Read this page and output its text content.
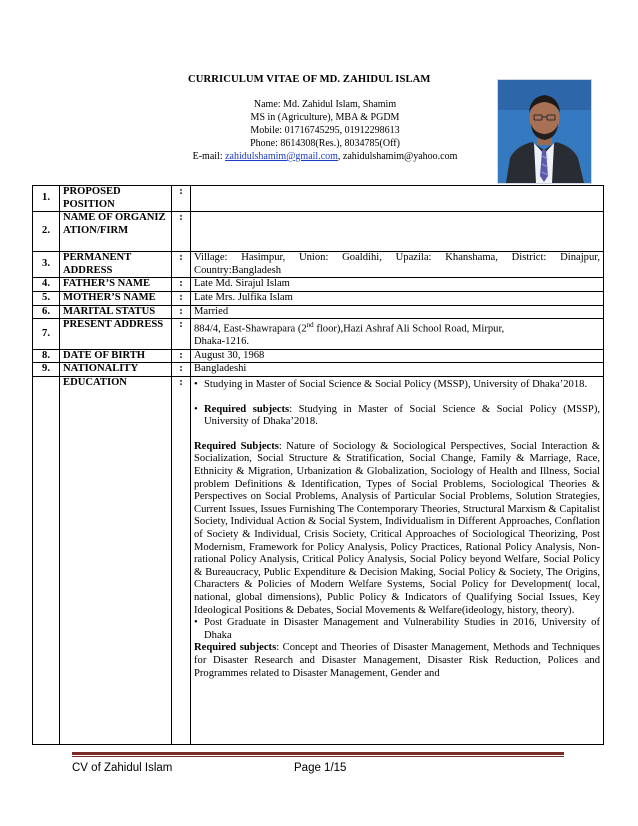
CURRICULUM VITAE OF MD. ZAHIDUL ISLAM
Name: Md. Zahidul Islam, Shamim
MS in (Agriculture), MBA & PGDM
Mobile: 01716745295, 01912298613
Phone: 8614308(Res.), 8034785(Off)
E-mail: zahidulshamim@gmail.com, zahidulshamim@yahoo.com
1.	PROPOSED POSITION	:	
2.	NAME OF ORGANIZATION/FIRM	:	
3.	PERMANENT ADDRESS	:	Village: Hasimpur, Union: Goaldihi, Upazila: Khanshama, District: Dinajpur, Country:Bangladesh
4.	FATHER’S NAME	:	Late Md. Sirajul Islam
5.	MOTHER’S NAME	:	Late Mrs. Julfika Islam
6.	MARITAL STATUS	:	Married
7.	PRESENT ADDRESS	:	884/4, East-Shawrapara (2nd floor),Hazi Ashraf Ali School Road, Mirpur,
Dhaka-1216.
8.	DATE OF BIRTH	:	August 30, 1968
9.	NATIONALITY	:	Bangladeshi
	EDUCATION	:	• Studying in Master of Social Science & Social Policy (MSSP), University of Dhaka’2018.

• Required subjects: Studying in Master of Social Science & Social Policy (MSSP), University of Dhaka’2018.

Required Subjects: Nature of Sociology & Sociological Perspectives, Social Interaction & Socialization, Social Structure & Stratification, Social Change, Family & Marriage, Race, Ethnicity & Migration, Urbanization & Globalization, Sociology of Health and Illness, Social problem Definitions & Identification, Types of Social Problems, Sociological Theories & Perspectives on Social Problems, Analysis of Particular Social Problems, Solution Strategies, Current Issues, Issues Furnishing The Contemporary Theories, Structural Marxism & Capitalist Society, Individual Action & Social System, Individualism in Different Approaches, Conflation of Society & Individual, Crisis Society, Critical Approaches of Sociological Theorizing, Post Modernism, Framework for Policy Analysis, Policy Practices, Rational Policy Analysis, Non-rational Policy Analysis, Critical Policy Analysis, Social Policy beyond Welfare, Social Policy & Bureaucracy, Public Expenditure & Decision Making, Social Policy & Society, The Origins, Characters & Policies of Modern Welfare Systems, Social Policy for Development( local, national, global dimensions), Public Policy & Indicators of Qualifying Social Issues, Key Ideological Positions & Debates, Social Movements & Welfare(ideology, history, theory).

• Post Graduate in Disaster Management and Vulnerability Studies in 2016, University of Dhaka

Required subjects: Concept and Theories of Disaster Management, Methods and Techniques for Disaster Research and Disaster Management, Disaster Risk Reduction, Polices and Programmes related to Disaster Management, Gender and

CV of Zahidul Islam	Page 1/15
